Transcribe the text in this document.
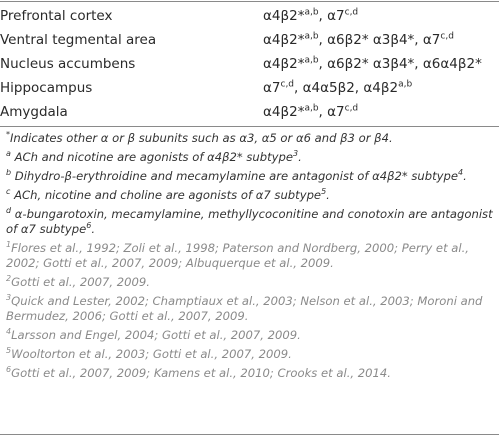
Prefrontal cortex	α4β2*$^{a,b}$, α7$^{c,d}$
Ventral tegmental area	α4β2*$^{a,b}$, α6β2* α3β4*, α7$^{c,d}$
Nucleus accumbens	α4β2*$^{a,b}$, α6β2* α3β4*, α6α4β2*
Hippocampus	α7$^{c,d}$, α4α5β2, α4β2$^{a,b}$
Amygdala	α4β2*$^{a,b}$, α7$^{c,d}$

*Indicates other α or β subunits such as α3, α5 or α6 and β3 or β4.

$^a$ ACh and nicotine are agonists of α4β2* subtype$^3$.

$^b$ Dihydro-β-erythroidine and mecamylamine are antagonist of α4β2* subtype$^4$.

$^c$ ACh, nicotine and choline are agonists of α7 subtype$^5$.

$^d$ α-bungarotoxin, mecamylamine, methyllycoconitine and conotoxin are antagonist of α7 subtype$^6$.

$^1$Flores et al., 1992; Zoli et al., 1998; Paterson and Nordberg, 2000; Perry et al., 2002; Gotti et al., 2007, 2009; Albuquerque et al., 2009.

$^2$Gotti et al., 2007, 2009.

$^3$Quick and Lester, 2002; Champtiaux et al., 2003; Nelson et al., 2003; Moroni and Bermudez, 2006; Gotti et al., 2007, 2009.

$^4$Larsson and Engel, 2004; Gotti et al., 2007, 2009.

$^5$Wooltorton et al., 2003; Gotti et al., 2007, 2009.

$^6$Gotti et al., 2007, 2009; Kamens et al., 2010; Crooks et al., 2014.
